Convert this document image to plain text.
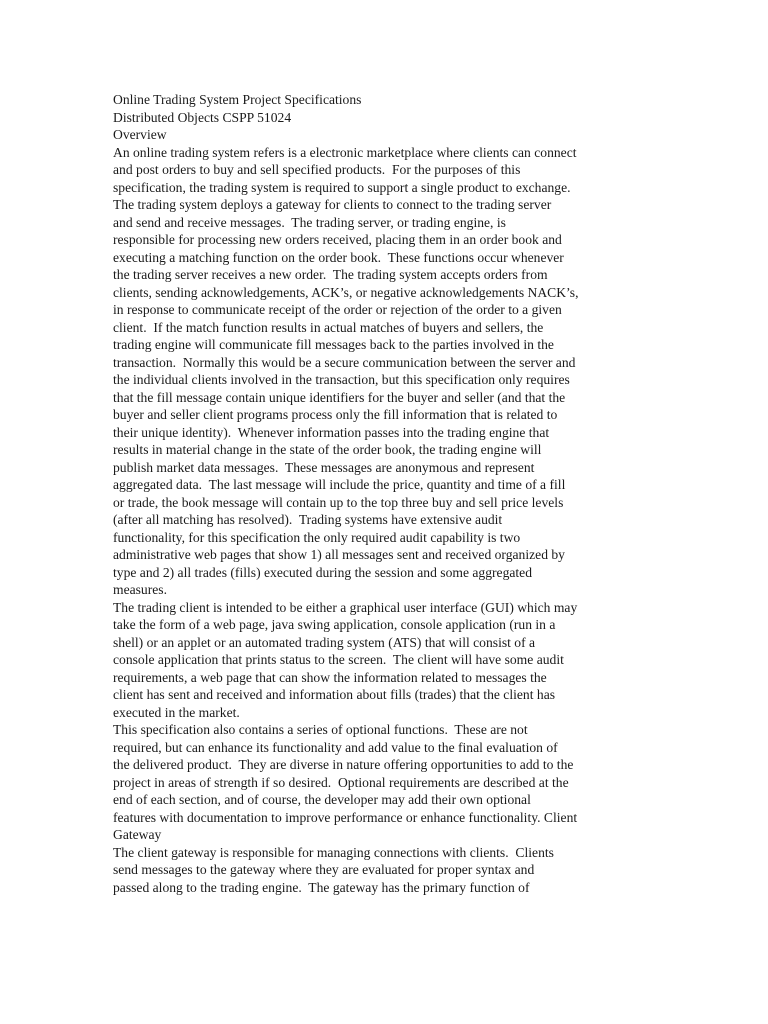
Online Trading System Project Specifications
Distributed Objects CSPP 51024
Overview
An online trading system refers is a electronic marketplace where clients can connect
and post orders to buy and sell specified products.  For the purposes of this
specification, the trading system is required to support a single product to exchange.
The trading system deploys a gateway for clients to connect to the trading server
and send and receive messages.  The trading server, or trading engine, is
responsible for processing new orders received, placing them in an order book and
executing a matching function on the order book.  These functions occur whenever
the trading server receives a new order.  The trading system accepts orders from
clients, sending acknowledgements, ACK’s, or negative acknowledgements NACK’s,
in response to communicate receipt of the order or rejection of the order to a given
client.  If the match function results in actual matches of buyers and sellers, the
trading engine will communicate fill messages back to the parties involved in the
transaction.  Normally this would be a secure communication between the server and
the individual clients involved in the transaction, but this specification only requires
that the fill message contain unique identifiers for the buyer and seller (and that the
buyer and seller client programs process only the fill information that is related to
their unique identity).  Whenever information passes into the trading engine that
results in material change in the state of the order book, the trading engine will
publish market data messages.  These messages are anonymous and represent
aggregated data.  The last message will include the price, quantity and time of a fill
or trade, the book message will contain up to the top three buy and sell price levels
(after all matching has resolved).  Trading systems have extensive audit
functionality, for this specification the only required audit capability is two
administrative web pages that show 1) all messages sent and received organized by
type and 2) all trades (fills) executed during the session and some aggregated
measures.
The trading client is intended to be either a graphical user interface (GUI) which may
take the form of a web page, java swing application, console application (run in a
shell) or an applet or an automated trading system (ATS) that will consist of a
console application that prints status to the screen.  The client will have some audit
requirements, a web page that can show the information related to messages the
client has sent and received and information about fills (trades) that the client has
executed in the market.
This specification also contains a series of optional functions.  These are not
required, but can enhance its functionality and add value to the final evaluation of
the delivered product.  They are diverse in nature offering opportunities to add to the
project in areas of strength if so desired.  Optional requirements are described at the
end of each section, and of course, the developer may add their own optional
features with documentation to improve performance or enhance functionality. Client
Gateway
The client gateway is responsible for managing connections with clients.  Clients
send messages to the gateway where they are evaluated for proper syntax and
passed along to the trading engine.  The gateway has the primary function of
